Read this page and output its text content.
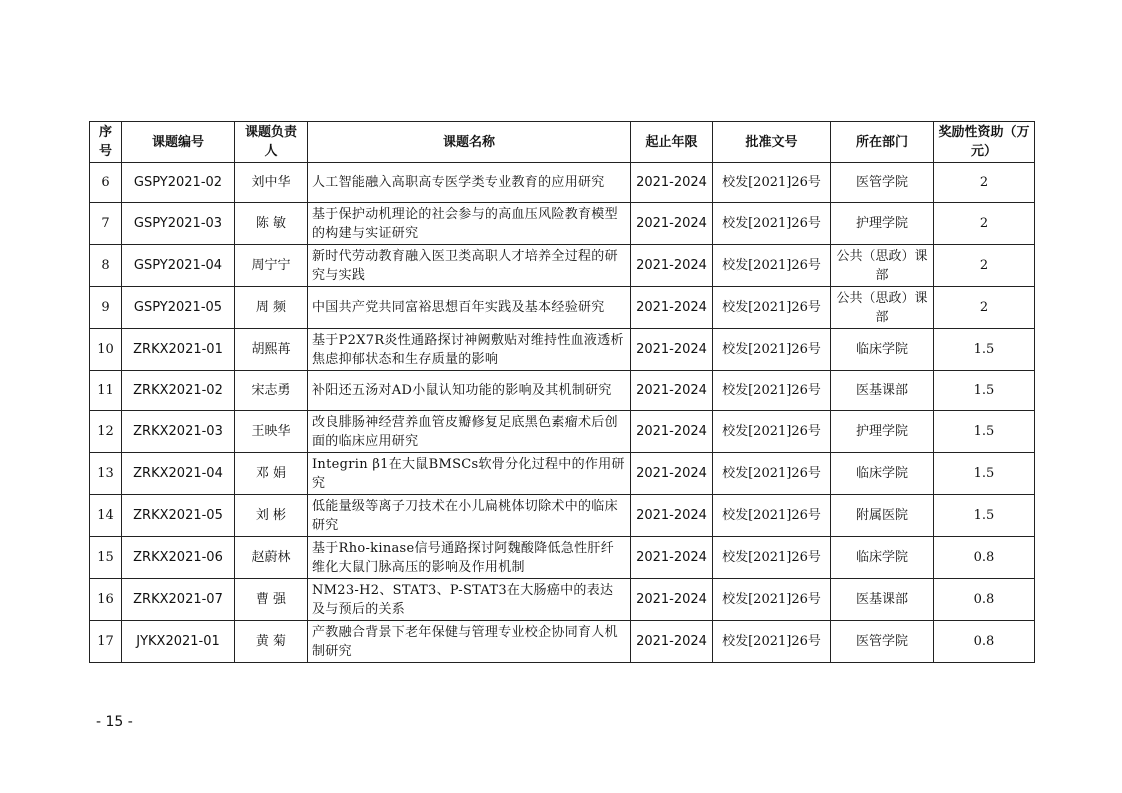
序号	课题编号	课题负责人	课题名称	起止年限	批准文号	所在部门	奖励性资助（万元）
6	GSPY2021-02	刘中华	人工智能融入高职高专医学类专业教育的应用研究	2021-2024	校发[2021]26号	医管学院	2
7	GSPY2021-03	陈 敏	基于保护动机理论的社会参与的高血压风险教育模型的构建与实证研究	2021-2024	校发[2021]26号	护理学院	2
8	GSPY2021-04	周宁宁	新时代劳动教育融入医卫类高职人才培养全过程的研究与实践	2021-2024	校发[2021]26号	公共（思政）课部	2
9	GSPY2021-05	周 频	中国共产党共同富裕思想百年实践及基本经验研究	2021-2024	校发[2021]26号	公共（思政）课部	2
10	ZRKX2021-01	胡熙苒	基于P2X7R炎性通路探讨神阙敷贴对维持性血液透析焦虑抑郁状态和生存质量的影响	2021-2024	校发[2021]26号	临床学院	1.5
11	ZRKX2021-02	宋志勇	补阳还五汤对AD小鼠认知功能的影响及其机制研究	2021-2024	校发[2021]26号	医基课部	1.5
12	ZRKX2021-03	王映华	改良腓肠神经营养血管皮瓣修复足底黑色素瘤术后创面的临床应用研究	2021-2024	校发[2021]26号	护理学院	1.5
13	ZRKX2021-04	邓 娟	Integrin β1在大鼠BMSCs软骨分化过程中的作用研究	2021-2024	校发[2021]26号	临床学院	1.5
14	ZRKX2021-05	刘 彬	低能量级等离子刀技术在小儿扁桃体切除术中的临床研究	2021-2024	校发[2021]26号	附属医院	1.5
15	ZRKX2021-06	赵蔚林	基于Rho-kinase信号通路探讨阿魏酸降低急性肝纤维化大鼠门脉高压的影响及作用机制	2021-2024	校发[2021]26号	临床学院	0.8
16	ZRKX2021-07	曹 强	NM23-H2、STAT3、P-STAT3在大肠癌中的表达及与预后的关系	2021-2024	校发[2021]26号	医基课部	0.8
17	JYKX2021-01	黄 菊	产教融合背景下老年保健与管理专业校企协同育人机制研究	2021-2024	校发[2021]26号	医管学院	0.8
- 15 -
